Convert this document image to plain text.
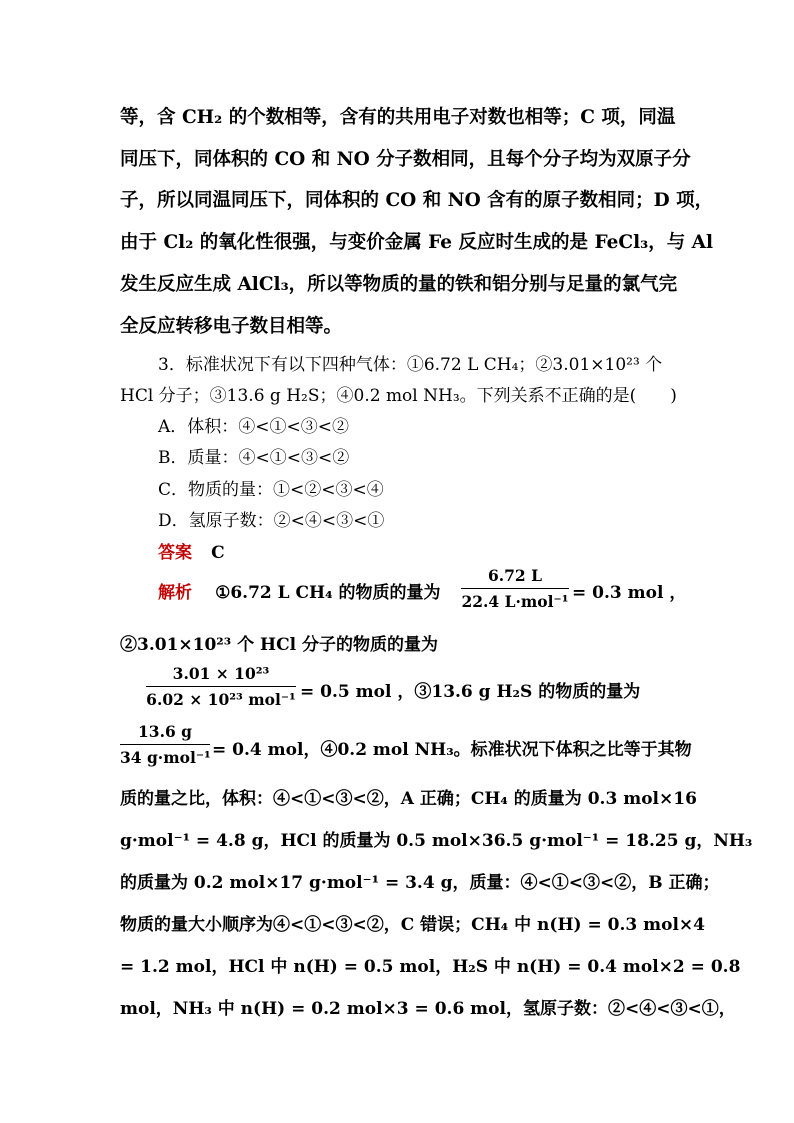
等，含 CH₂ 的个数相等，含有的共用电子对数也相等；C 项，同温
同压下，同体积的 CO 和 NO 分子数相同，且每个分子均为双原子分
子，所以同温同压下，同体积的 CO 和 NO 含有的原子数相同；D 项，
由于 Cl₂ 的氧化性很强，与变价金属 Fe 反应时生成的是 FeCl₃，与 Al
发生反应生成 AlCl₃，所以等物质的量的铁和铝分别与足量的氯气完
全反应转移电子数目相等。
3．标准状况下有以下四种气体：①6.72 L CH₄；②3.01×10²³ 个
HCl 分子；③13.6 g H₂S；④0.2 mol NH₃。下列关系不正确的是(　　)
A．体积：④<①<③<②
B．质量：④<①<③<②
C．物质的量：①<②<③<④
D．氢原子数：②<④<③<①
答案 C
解析 ①6.72 L CH₄ 的物质的量为
6.72 L
22.4 L·mol⁻¹ = 0.3 mol ，
②3.01×10²³ 个 HCl 分子的物质的量为
3.01 × 10²³
6.02 × 10²³ mol⁻¹ = 0.5 mol ，③13.6 g H₂S 的物质的量为
13.6 g
34 g·mol⁻¹ = 0.4 mol，④0.2 mol NH₃。标准状况下体积之比等于其物
质的量之比，体积：④<①<③<②，A 正确；CH₄ 的质量为 0.3 mol×16
g·mol⁻¹ = 4.8 g，HCl 的质量为 0.5 mol×36.5 g·mol⁻¹ = 18.25 g，NH₃
的质量为 0.2 mol×17 g·mol⁻¹ = 3.4 g，质量：④<①<③<②，B 正确；
物质的量大小顺序为④<①<③<②，C 错误；CH₄ 中 n(H) = 0.3 mol×4
= 1.2 mol，HCl 中 n(H) = 0.5 mol，H₂S 中 n(H) = 0.4 mol×2 = 0.8
mol，NH₃ 中 n(H) = 0.2 mol×3 = 0.6 mol，氢原子数：②<④<③<①，
